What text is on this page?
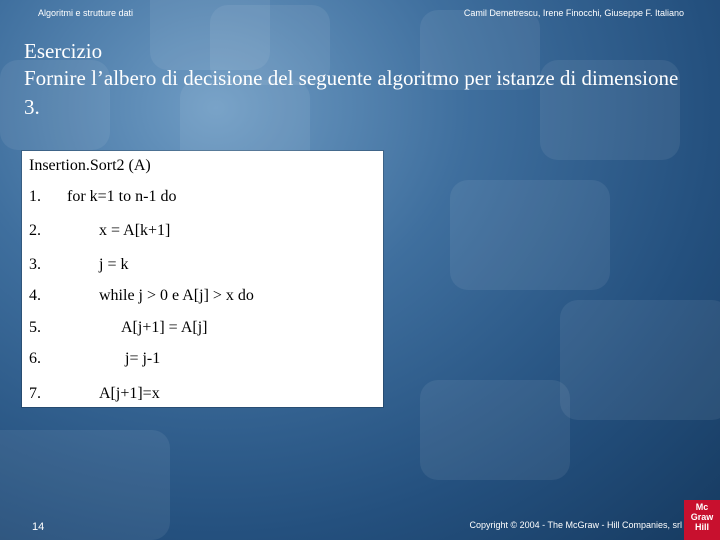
Algoritmi e strutture dati	Camil Demetrescu, Irene Finocchi, Giuseppe F. Italiano
Esercizio
Fornire l’albero di decisione del seguente algoritmo per istanze di dimensione 3.
Insertion.Sort2 (A)
1. for k=1 to n-1 do
2.	x = A[k+1]
3.	j = k
4.	while j > 0 e A[j] > x do
5.	A[j+1] = A[j]
6.	j= j-1
7.	A[j+1]=x
14	Copyright © 2004 - The McGraw - Hill Companies, srl
Mc
Graw
Hill
